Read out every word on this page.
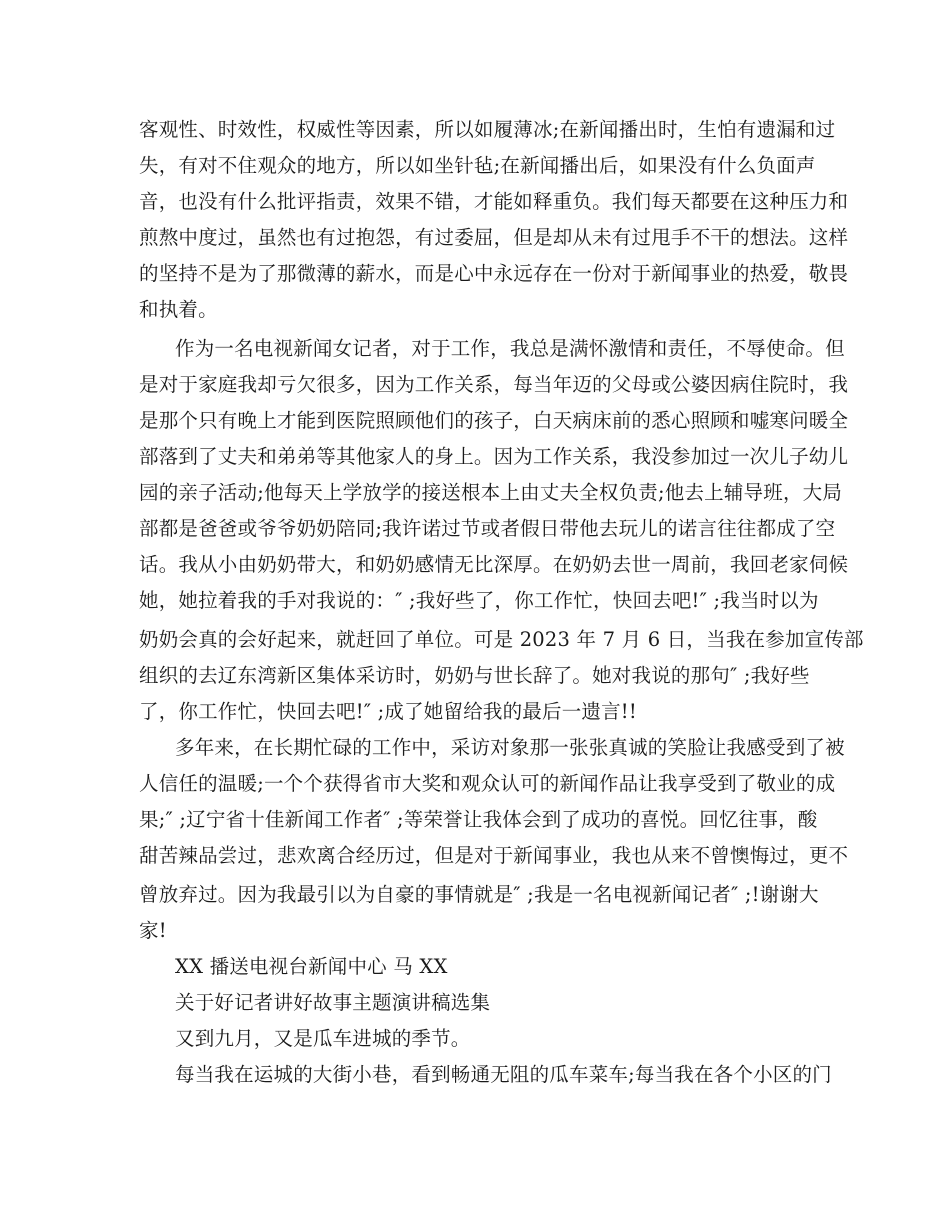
客观性、时效性，权威性等因素，所以如履薄冰;在新闻播出时，生怕有遗漏和过
失，有对不住观众的地方，所以如坐针毡;在新闻播出后，如果没有什么负面声
音，也没有什么批评指责，效果不错，才能如释重负。我们每天都要在这种压力和
煎熬中度过，虽然也有过抱怨，有过委屈，但是却从未有过甩手不干的想法。这样
的坚持不是为了那微薄的薪水，而是心中永远存在一份对于新闻事业的热爱，敬畏
和执着。
作为一名电视新闻女记者，对于工作，我总是满怀激情和责任，不辱使命。但
是对于家庭我却亏欠很多，因为工作关系，每当年迈的父母或公婆因病住院时，我
是那个只有晚上才能到医院照顾他们的孩子，白天病床前的悉心照顾和嘘寒问暖全
部落到了丈夫和弟弟等其他家人的身上。因为工作关系，我没参加过一次儿子幼儿
园的亲子活动;他每天上学放学的接送根本上由丈夫全权负责;他去上辅导班，大局
部都是爸爸或爷爷奶奶陪同;我许诺过节或者假日带他去玩儿的诺言往往都成了空
话。我从小由奶奶带大，和奶奶感情无比深厚。在奶奶去世一周前，我回老家伺候
她，她拉着我的手对我说的：″ ;我好些了，你工作忙，快回去吧!″ ;我当时以为
奶奶会真的会好起来，就赶回了单位。可是 2023 年 7 月 6 日，当我在参加宣传部
组织的去辽东湾新区集体采访时，奶奶与世长辞了。她对我说的那句″ ;我好些
了，你工作忙，快回去吧!″ ;成了她留给我的最后一遗言!!
多年来，在长期忙碌的工作中，采访对象那一张张真诚的笑脸让我感受到了被
人信任的温暖;一个个获得省市大奖和观众认可的新闻作品让我享受到了敬业的成
果;″ ;辽宁省十佳新闻工作者″ ;等荣誉让我体会到了成功的喜悦。回忆往事，酸
甜苦辣品尝过，悲欢离合经历过，但是对于新闻事业，我也从来不曾懊悔过，更不
曾放弃过。因为我最引以为自豪的事情就是″ ;我是一名电视新闻记者″ ;!谢谢大
家!
XX 播送电视台新闻中心 马 XX
关于好记者讲好故事主题演讲稿选集
又到九月，又是瓜车进城的季节。
每当我在运城的大街小巷，看到畅通无阻的瓜车菜车;每当我在各个小区的门
